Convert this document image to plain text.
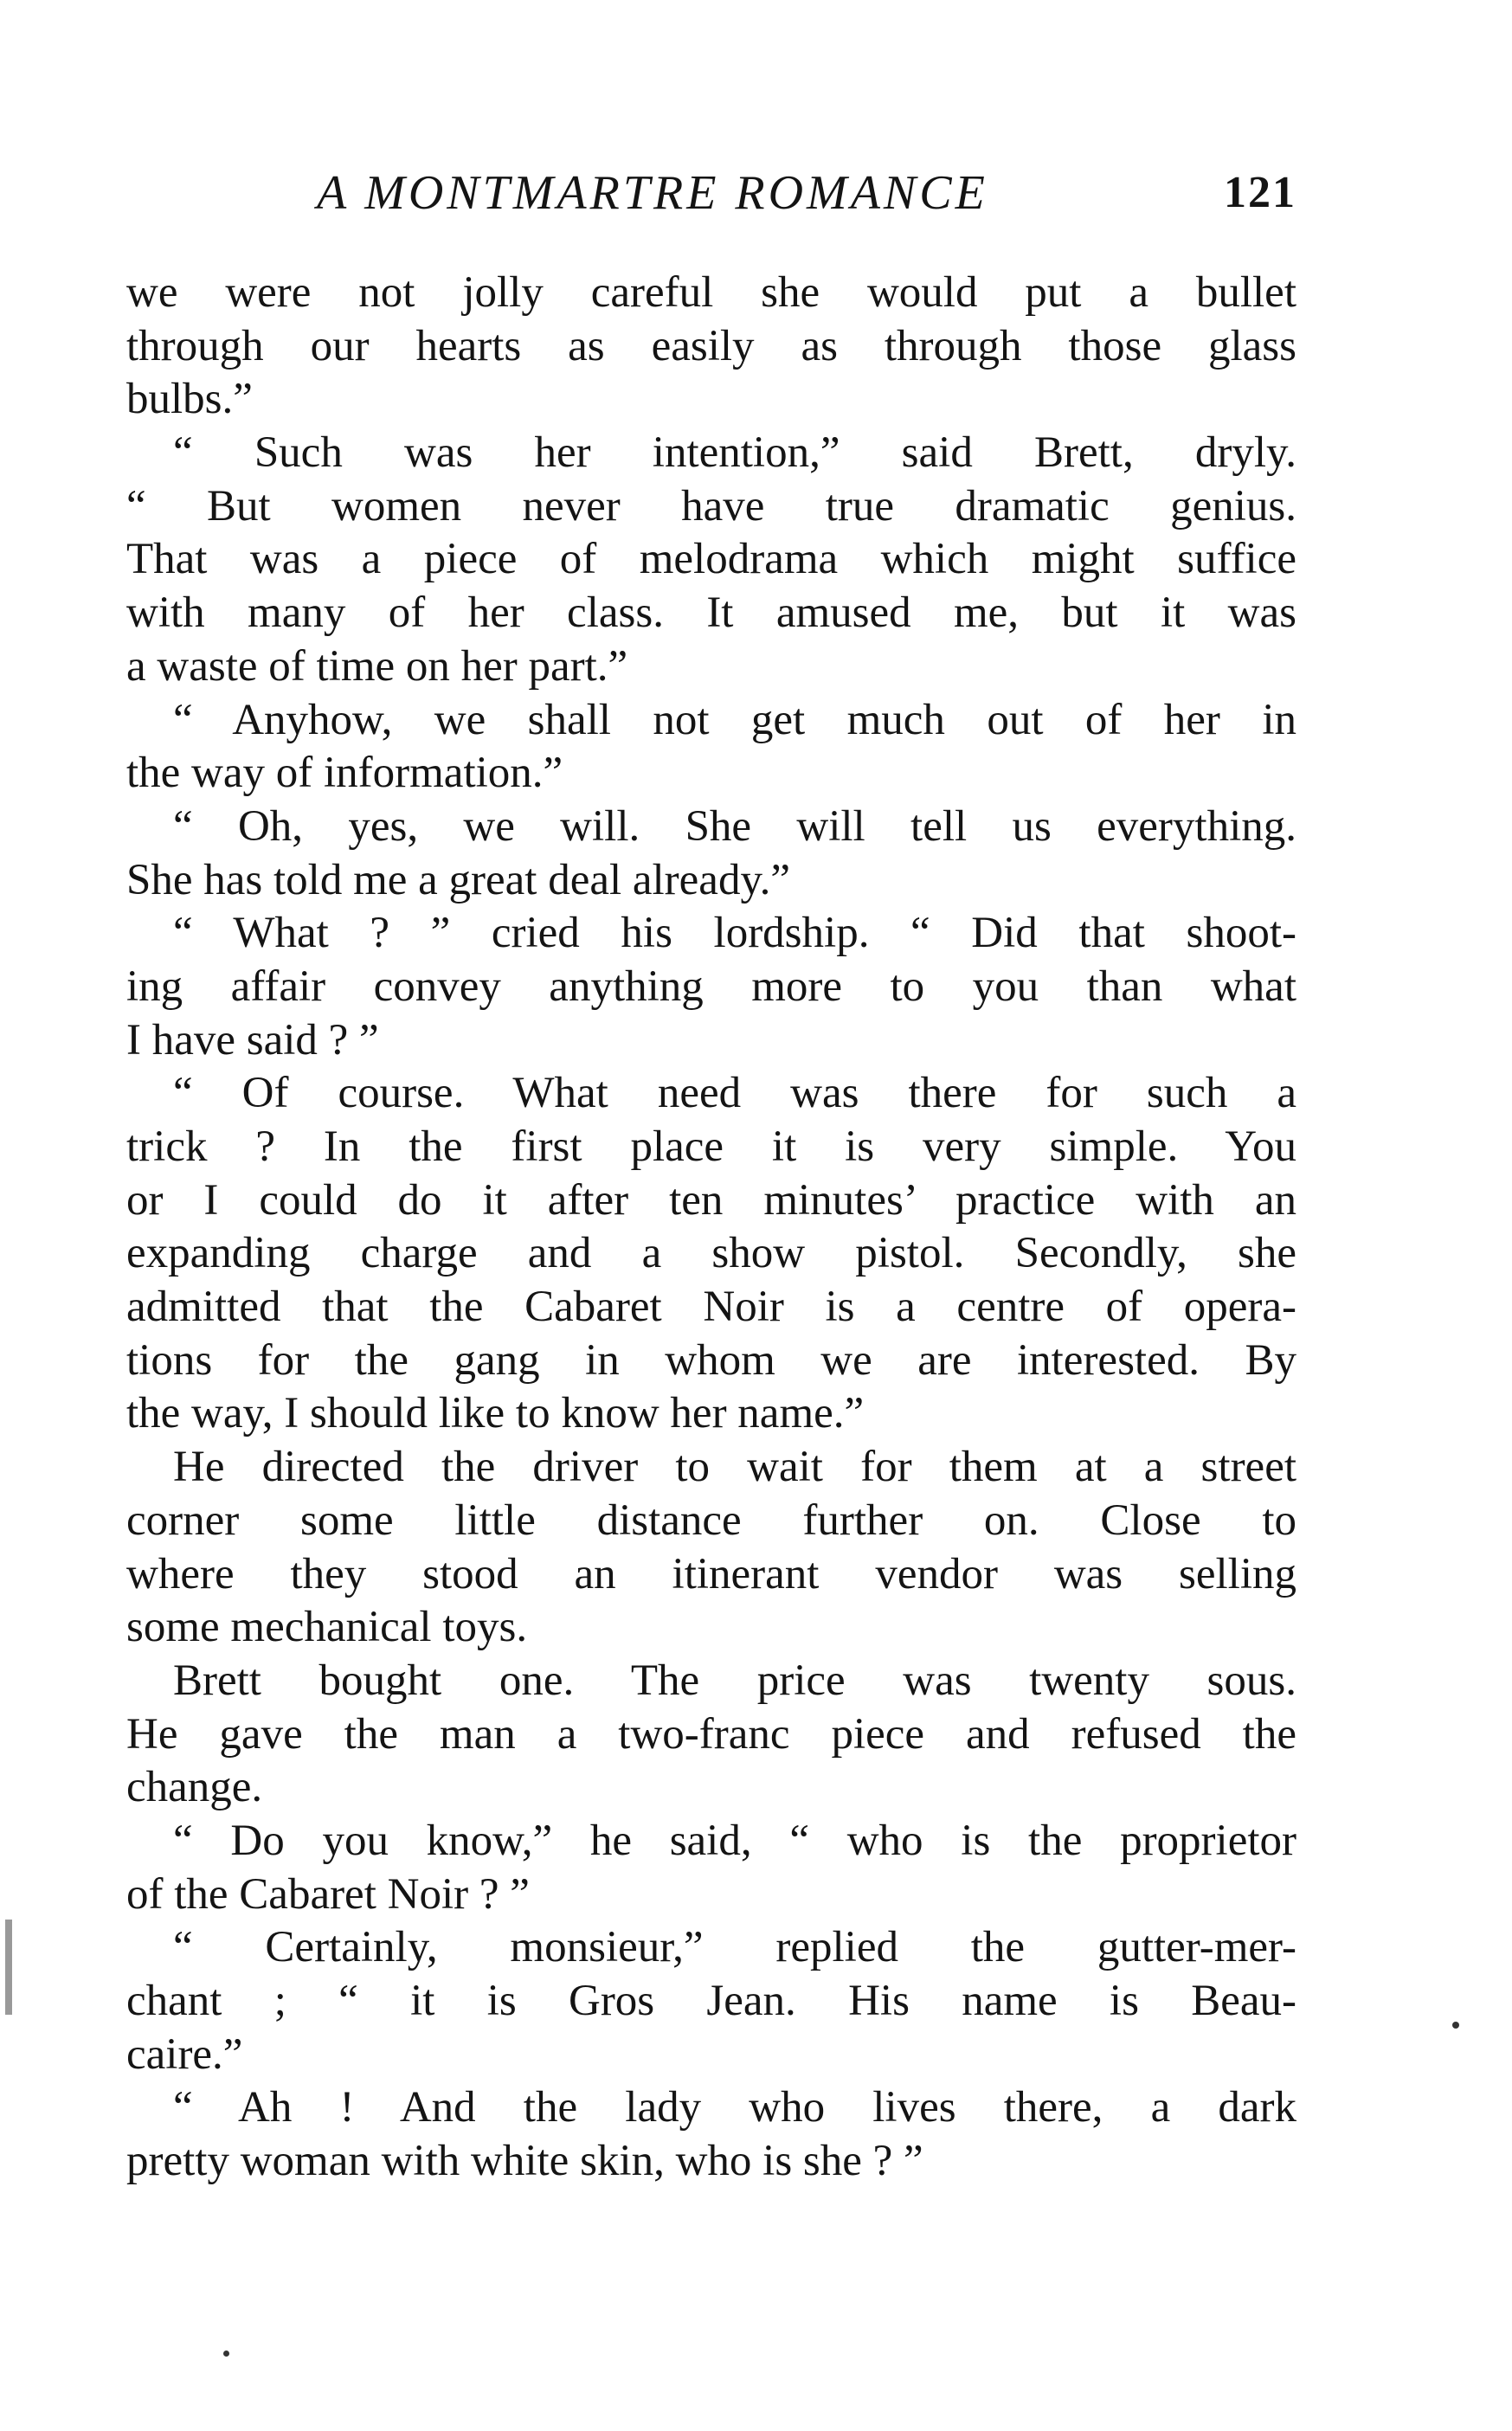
A MONTMARTRE ROMANCE	121
we were not jolly careful she would put a bullet
through our hearts as easily as through those glass
bulbs.”
“ Such was her intention,” said Brett, dryly.
“ But women never have true dramatic genius.
That was a piece of melodrama which might suffice
with many of her class. It amused me, but it was
a waste of time on her part.”
“ Anyhow, we shall not get much out of her in
the way of information.”
“ Oh, yes, we will. She will tell us everything.
She has told me a great deal already.”
“ What ? ” cried his lordship. “ Did that shoot-
ing affair convey anything more to you than what
I have said ? ”
“ Of course. What need was there for such a
trick ? In the first place it is very simple. You
or I could do it after ten minutes’ practice with an
expanding charge and a show pistol. Secondly, she
admitted that the Cabaret Noir is a centre of opera-
tions for the gang in whom we are interested. By
the way, I should like to know her name.”
He directed the driver to wait for them at a street
corner some little distance further on. Close to
where they stood an itinerant vendor was selling
some mechanical toys.
Brett bought one. The price was twenty sous.
He gave the man a two-franc piece and refused the
change.
“ Do you know,” he said, “ who is the proprietor
of the Cabaret Noir ? ”
“ Certainly, monsieur,” replied the gutter-mer-
chant ; “ it is Gros Jean. His name is Beau-
caire.”
“ Ah ! And the lady who lives there, a dark
pretty woman with white skin, who is she ? ”
